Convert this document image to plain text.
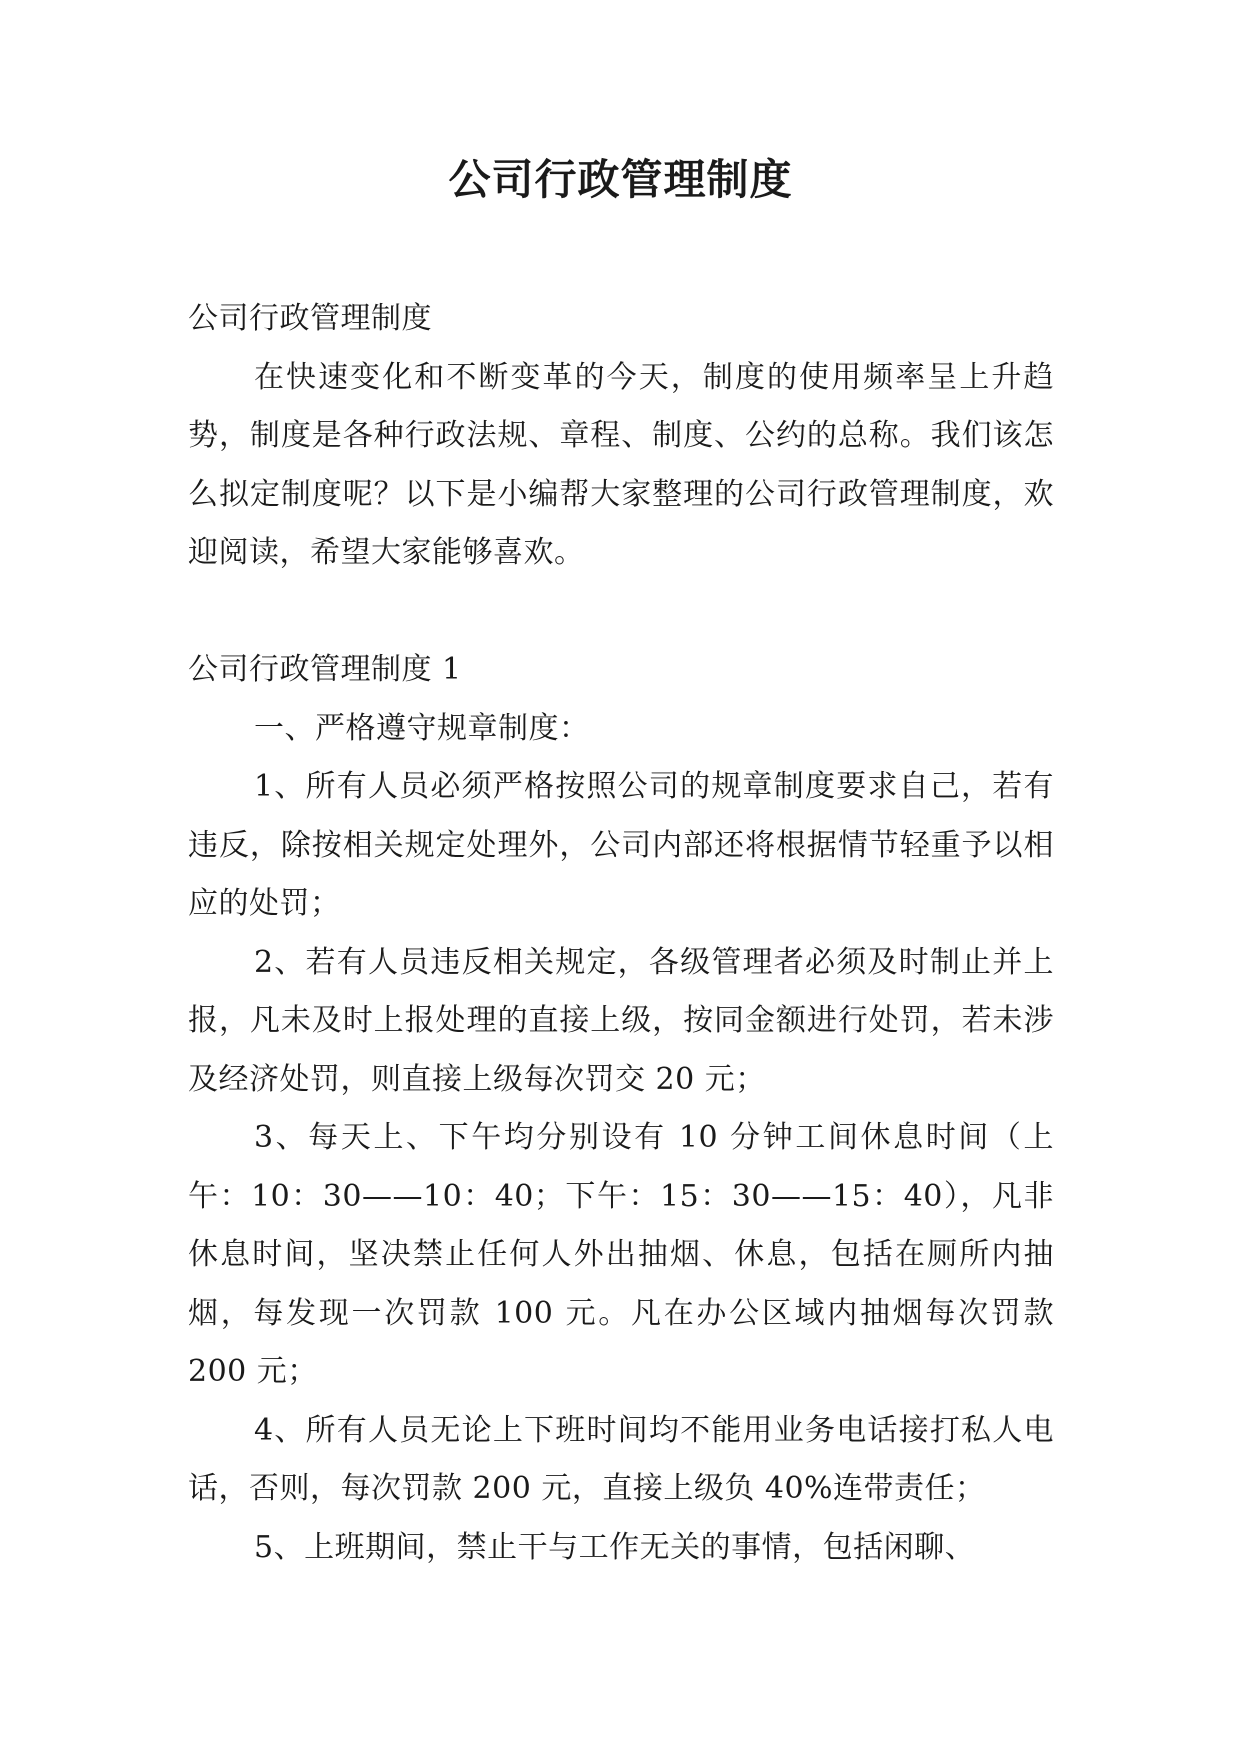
公司行政管理制度

公司行政管理制度

在快速变化和不断变革的今天，制度的使用频率呈上升趋势，制度是各种行政法规、章程、制度、公约的总称。我们该怎么拟定制度呢？以下是小编帮大家整理的公司行政管理制度，欢迎阅读，希望大家能够喜欢。

公司行政管理制度 1

一、严格遵守规章制度：

1、所有人员必须严格按照公司的规章制度要求自己，若有违反，除按相关规定处理外，公司内部还将根据情节轻重予以相应的处罚；

2、若有人员违反相关规定，各级管理者必须及时制止并上报，凡未及时上报处理的直接上级，按同金额进行处罚，若未涉及经济处罚，则直接上级每次罚交 20 元；

3、每天上、下午均分别设有 10 分钟工间休息时间（上午：10：30——10：40；下午：15：30——15：40），凡非休息时间，坚决禁止任何人外出抽烟、休息，包括在厕所内抽烟，每发现一次罚款 100 元。凡在办公区域内抽烟每次罚款 200 元；

4、所有人员无论上下班时间均不能用业务电话接打私人电话，否则，每次罚款 200 元，直接上级负 40%连带责任；

5、上班期间，禁止干与工作无关的事情，包括闲聊、
